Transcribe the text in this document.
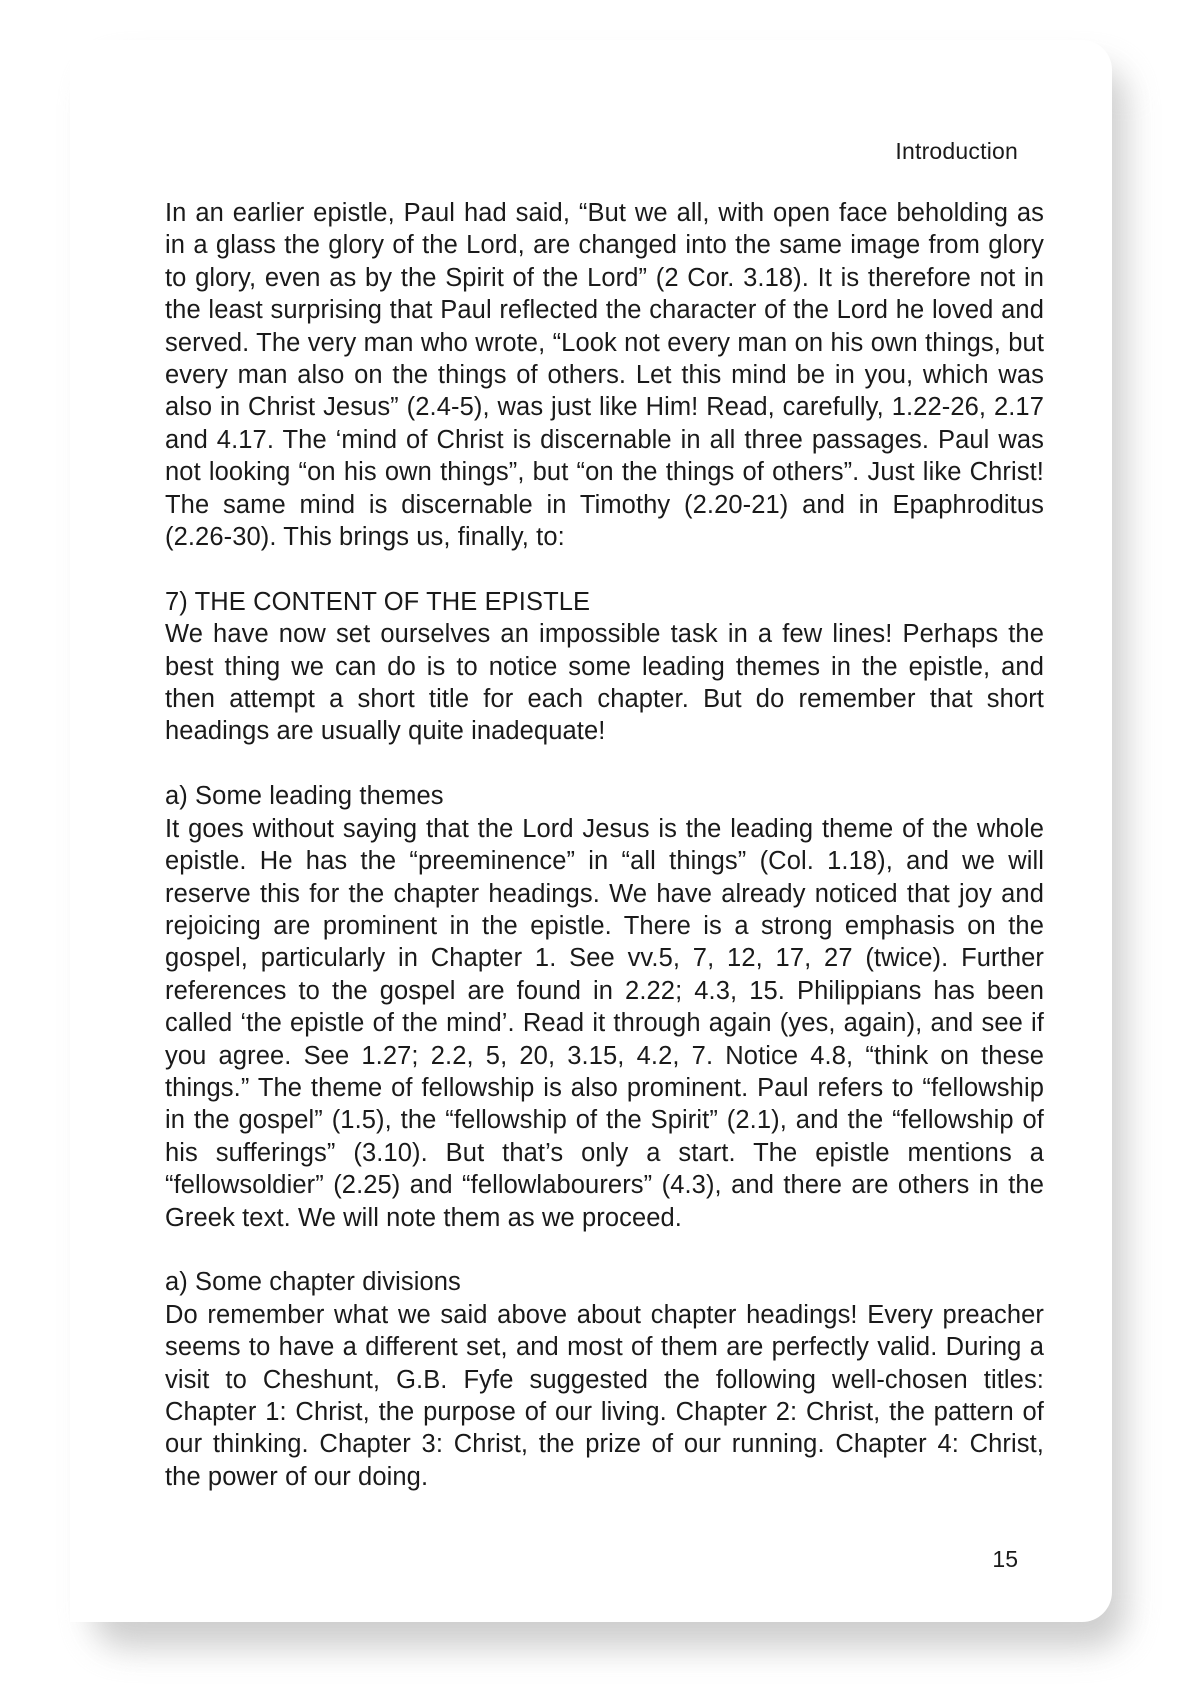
Introduction

In an earlier epistle, Paul had said, “But we all, with open face beholding as in a glass the glory of the Lord, are changed into the same image from glory to glory, even as by the Spirit of the Lord” (2 Cor. 3.18). It is therefore not in the least surprising that Paul reflected the character of the Lord he loved and served. The very man who wrote, “Look not every man on his own things, but every man also on the things of others. Let this mind be in you, which was also in Christ Jesus” (2.4-5), was just like Him! Read, carefully, 1.22-26, 2.17 and 4.17. The ‘mind of Christ is discernable in all three passages. Paul was not looking “on his own things”, but “on the things of others”. Just like Christ! The same mind is discernable in Timothy (2.20-21) and in Epaphroditus (2.26-30). This brings us, finally, to:

7) THE CONTENT OF THE EPISTLE

We have now set ourselves an impossible task in a few lines! Perhaps the best thing we can do is to notice some leading themes in the epistle, and then attempt a short title for each chapter. But do remember that short headings are usually quite inadequate!

a) Some leading themes

It goes without saying that the Lord Jesus is the leading theme of the whole epistle. He has the “preeminence” in “all things” (Col. 1.18), and we will reserve this for the chapter headings. We have already noticed that joy and rejoicing are prominent in the epistle. There is a strong emphasis on the gospel, particularly in Chapter 1. See vv.5, 7, 12, 17, 27 (twice). Further references to the gospel are found in 2.22; 4.3, 15. Philippians has been called ‘the epistle of the mind’. Read it through again (yes, again), and see if you agree. See 1.27; 2.2, 5, 20, 3.15, 4.2, 7. Notice 4.8, “think on these things.” The theme of fellowship is also prominent. Paul refers to “fellowship in the gospel” (1.5), the “fellowship of the Spirit” (2.1), and the “fellowship of his sufferings” (3.10). But that’s only a start. The epistle mentions a “fellowsoldier” (2.25) and “fellowlabourers” (4.3), and there are others in the Greek text. We will note them as we proceed.

a) Some chapter divisions

Do remember what we said above about chapter headings! Every preacher seems to have a different set, and most of them are perfectly valid. During a visit to Cheshunt, G.B. Fyfe suggested the following well-chosen titles: Chapter 1: Christ, the purpose of our living. Chapter 2: Christ, the pattern of our thinking. Chapter 3: Christ, the prize of our running. Chapter 4: Christ, the power of our doing.

15
